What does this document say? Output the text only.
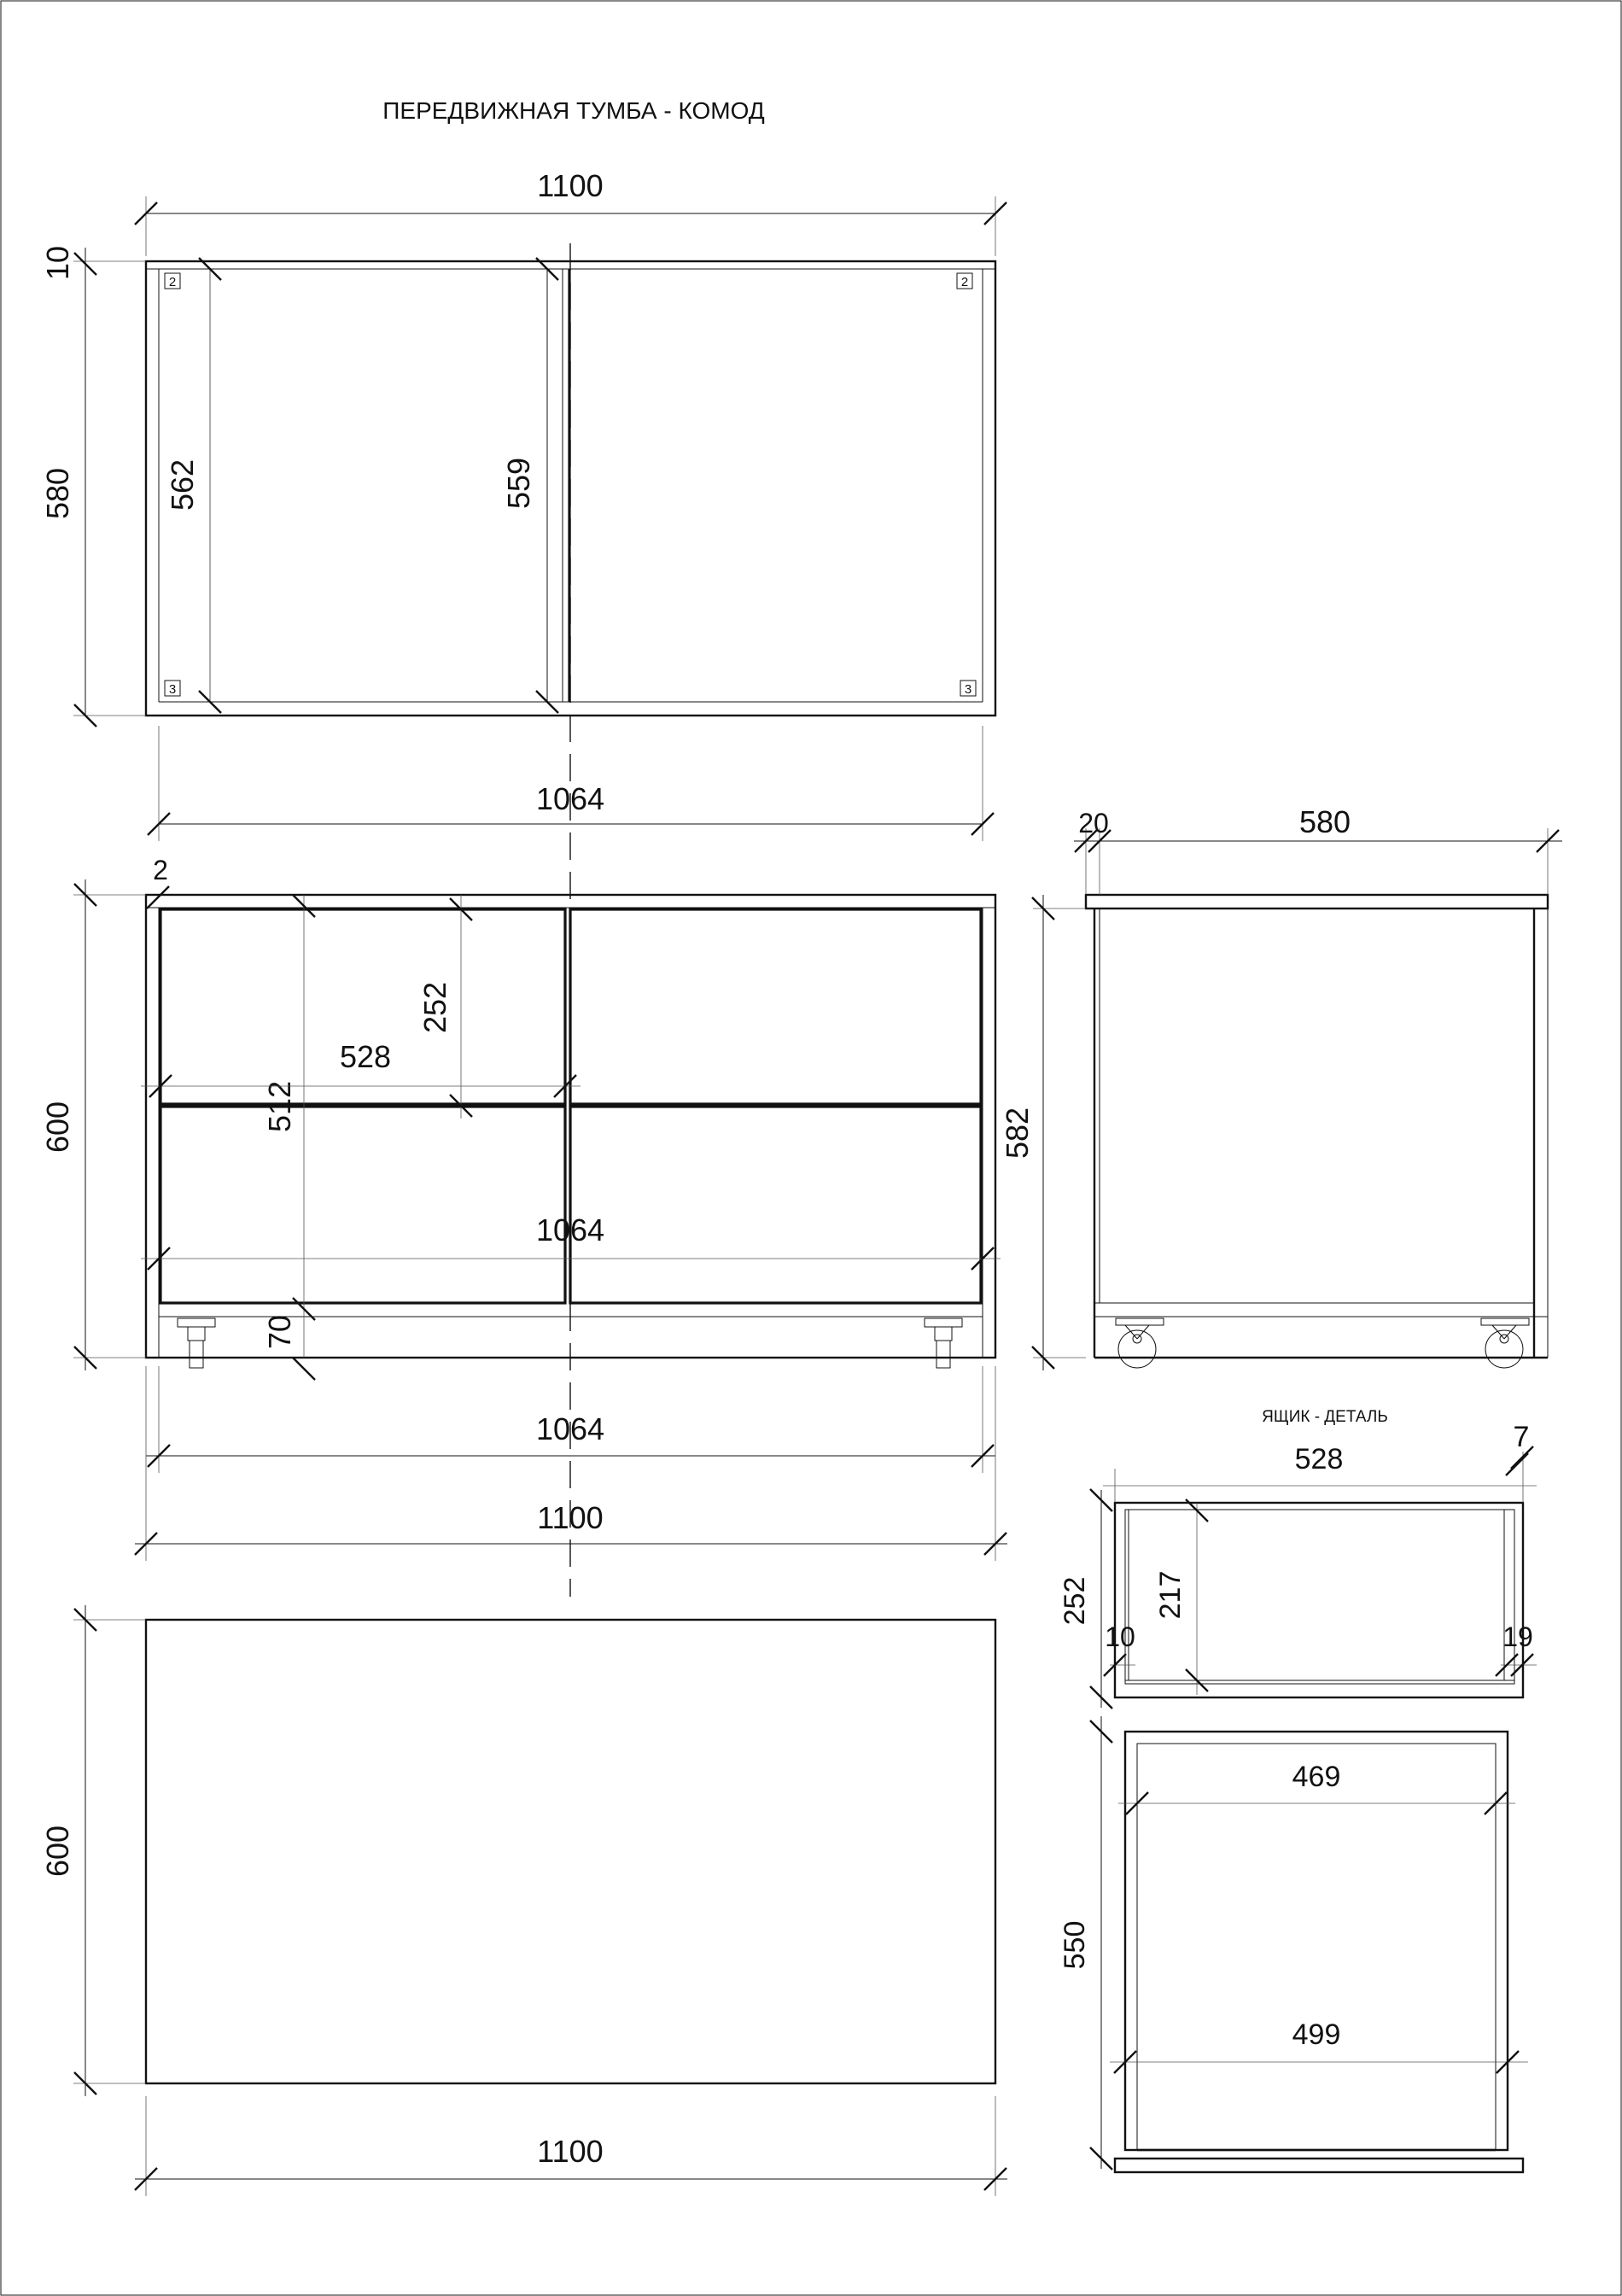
ПЕРЕДВИЖНАЯ ТУМБА - КОМОД
2	2
3	3
1100
580
10
562	559
1064
512
70
252
528
1064
2
600
1064
1100
20	580
582
600
1100
ЯЩИК - ДЕТАЛЬ
528
7
252 217
10	19
469
499
550
